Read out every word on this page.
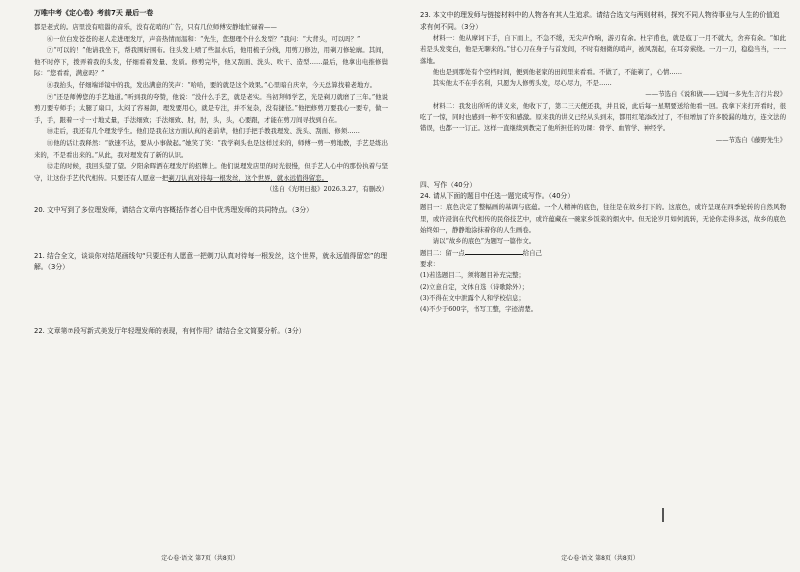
万唯中考《定心卷》考前7天 最后一卷

都是老式的。店里没有喧嚣的音乐，没有花哨的广告，只有几位师傅安静地忙碌着——

⑥一位白发苍苍的老人走进理发厅，声音热情而温和：“先生，您想理个什么发型？”我问：“大背头，可以吗？”

⑦“可以的！”他请我坐下，帮我围好围布。往头发上喷了些温水后，他用梳子分线，用剪刀修边，用剃刀修轮廓。其间，他不时停下，拨弄着我的头发，仔细看着发量、发质。修剪完毕，他又刮面、洗头、吹干、造型……最后，他拿出电推修鬓际：“您看看，满意吗？”

⑧我抬头，仔细端详镜中的我，发出满意的笑声：“哈哈，要的就是这个效果。”心里暗自庆幸，今天总算找着老地方。

⑨“还是师傅您的手艺地道。”听到我的夸赞，他说：“没什么手艺，就是老实。当初拜师学艺，光是剃刀就磨了三年。”他说剪刀要专师手；太腿了扇口，太闷了容易卸，理发要用心，就是专注，并不复杂，没有捷径。”他把修剪刀要我心一要专，做一手，手，跟着一寸一寸地丈量，手法细致；手法细致、肘，肘，头，头，心要跟，才能在剪刀间寻找到自在。

⑩走后，我还有几个理发学生。他们是我在这方面认真的老前辈，他们手把手教我理发、洗头、刮面、修须……

⑪他的话让我释然：“欲速不达，要从小事做起。”她笑了笑：“我学剃头也是这样过来的，师傅一剪一剪地教，手艺是练出来的，不是看出来的。”从此，我对理发有了新的认识。

⑫走的时候，我回头望了望。夕阳余晖洒在理发厅的招牌上。他们说理发店里的时光很慢，但手艺人心中的那份执着与坚守，让这份手艺代代相传。只要还有人愿意一把剃刀认真对待每一根发丝，这个世界，就永远值得留恋。

（选自《光明日报》2026.3.27，有删改）

20. 文中写到了多位理发师，请结合文章内容概括作者心目中优秀理发师的共同特点。（3分）

21. 结合全文，谈谈你对结尾画线句“只要还有人愿意一把剃刀认真对待每一根发丝，这个世界，就永远值得留恋”的理解。（3分）

22. 文章第⑦段写新式美发厅年轻理发师的表现，有何作用？请结合全文简要分析。（3分）

定心卷·语文 第7页（共8页）

23. 本文中的理发师与链接材料中的人物各有其人生追求。请结合选文与两则材料，探究不同人物待事业与人生的价值追求有何不同。（3分）

材料一：他从摩诃下手，自下而上，不急不缓，无尖声作响，游刃有余。杜宇甫也，就是庖丁一月不就大，舍弃有余。“如此若是头发变白，他是无聊来的。”甘心刀在身子与首发间，不时有细微的哨声，被风刮起，在耳旁萦绕。一刀一刀，稳稳当当，一一落地。

他也是到那处有个空档时间，便到他老家的田间里来看看。不做了，不能剃了，心情……

其实他太不在乎名利，只愿为人修剪头发，尽心尽力，不是……

——节选自《说和做——记闻一多先生言行片段》

材料二：我发出所听的讲义来，他收下了，第二三天便还我，并且说，此后每一星期要送给他看一回。我拿下来打开看时，很吃了一惊，同时也感到一种不安和感激。原来我的讲义已经从头到末，都用红笔添改过了，不但增加了许多脱漏的地方，连文法的错误，也都一一订正。这样一直继续到教完了他所担任的功课：骨学、血管学、神经学。

——节选自《藤野先生》

四、写作（40分）

24. 请从下面的题目中任选一题完成写作。（40分）

题目一：底色决定了整幅画的基调与底蕴。一个人精神的底色，往往是在故乡打下的。这底色，或许呈现在四季轮转的自然风物里，或许浸润在代代相传的民俗技艺中，或许蕴藏在一碗家乡饭菜的烟火中。但无论岁月如何流转，无论你走得多远，故乡的底色始终如一，静静地涂抹着你的人生画卷。

请以“故乡的底色”为题写一篇作文。

题目二：留一点	给自己

要求：

(1)若选题目二，须将题目补充完整；

(2)立意自定，文体自选（诗歌除外）；

(3)不得在文中泄露个人和学校信息；

(4)不少于600字，书写工整，字迹清楚。

定心卷·语文 第8页（共8页）
